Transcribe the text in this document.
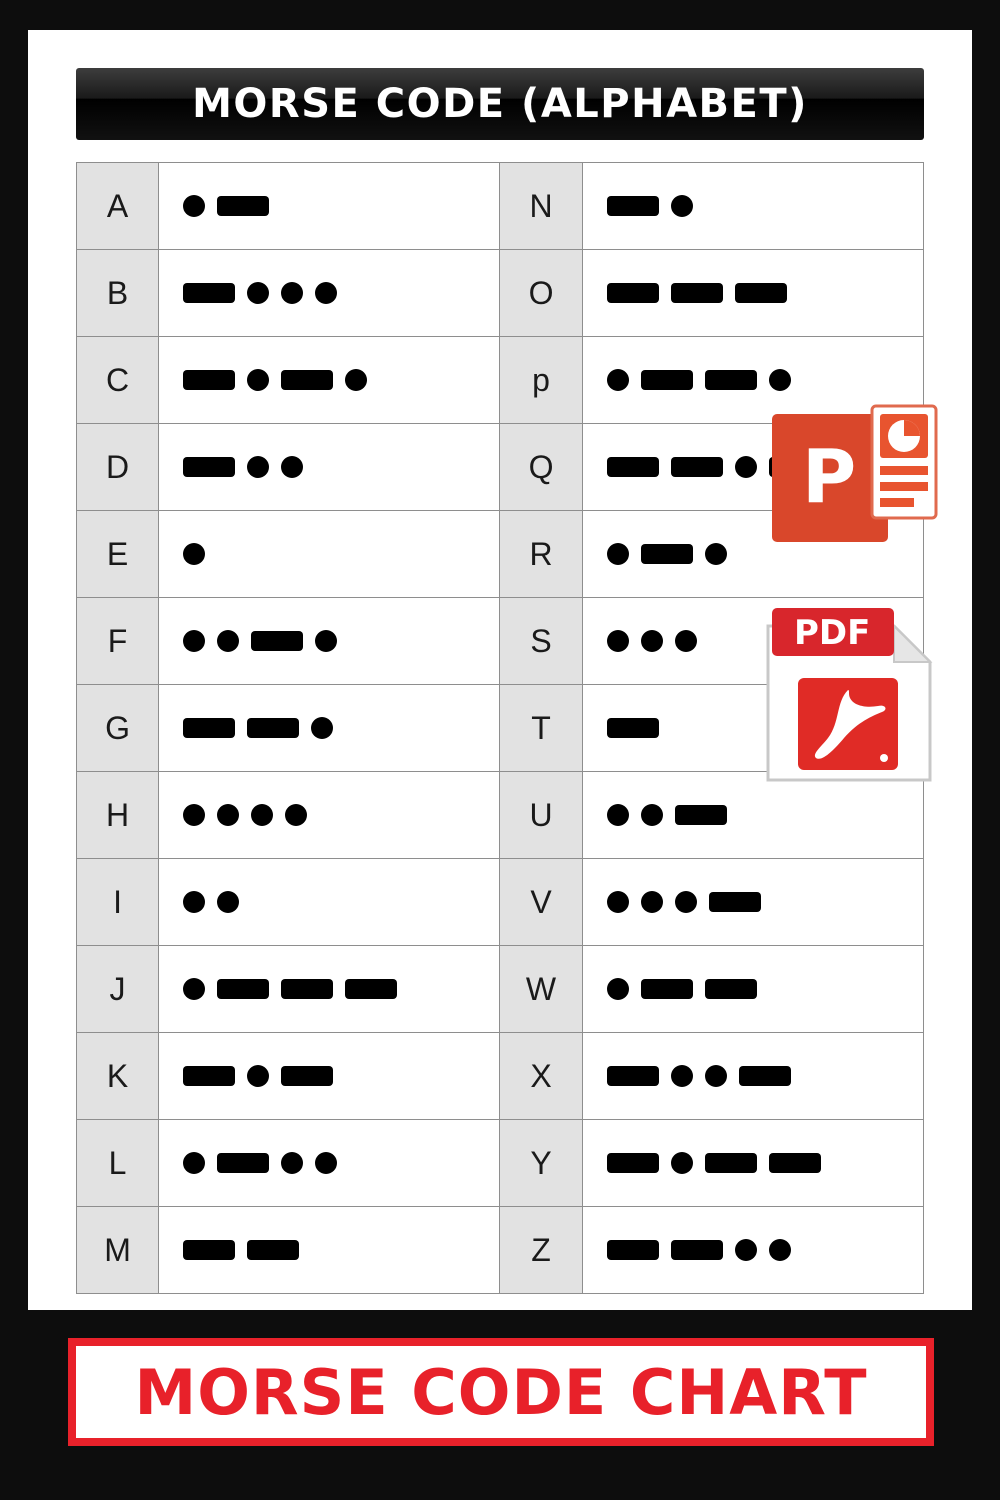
MORSE CODE (ALPHABET)
A		N	

B		O	

C		p	

D		Q	

E		R	

F		S	

G		T	

H		U	

I		V	

J		W	

K		X	

L		Y	

M		Z	
P
PDF
MORSE CODE CHART
